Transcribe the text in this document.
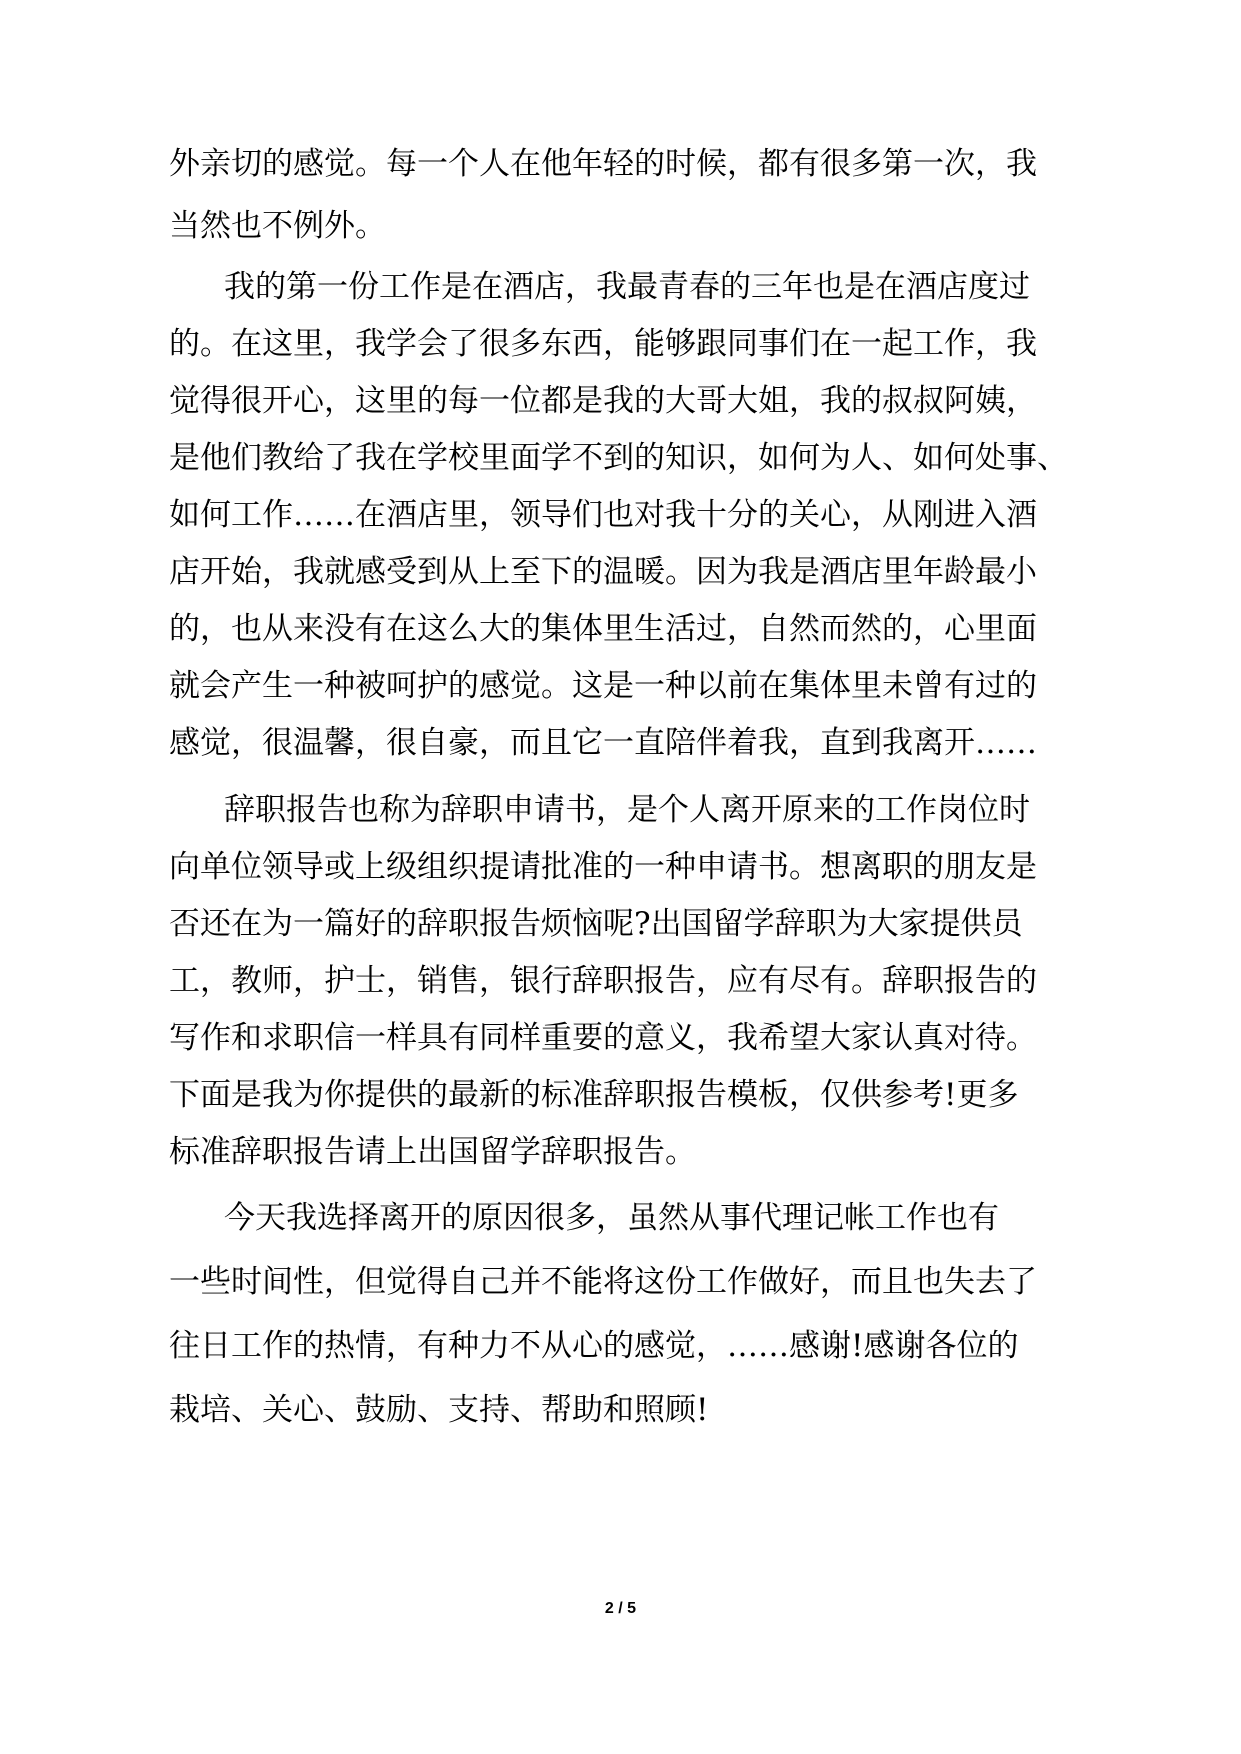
外亲切的感觉。每一个人在他年轻的时候，都有很多第一次，我
当然也不例外。
我的第一份工作是在酒店，我最青春的三年也是在酒店度过
的。在这里，我学会了很多东西，能够跟同事们在一起工作，我
觉得很开心，这里的每一位都是我的大哥大姐，我的叔叔阿姨，
是他们教给了我在学校里面学不到的知识，如何为人、如何处事、
如何工作……在酒店里，领导们也对我十分的关心，从刚进入酒
店开始，我就感受到从上至下的温暖。因为我是酒店里年龄最小
的，也从来没有在这么大的集体里生活过，自然而然的，心里面
就会产生一种被呵护的感觉。这是一种以前在集体里未曾有过的
感觉，很温馨，很自豪，而且它一直陪伴着我，直到我离开……
辞职报告也称为辞职申请书，是个人离开原来的工作岗位时
向单位领导或上级组织提请批准的一种申请书。想离职的朋友是
否还在为一篇好的辞职报告烦恼呢?出国留学辞职为大家提供员
工，教师，护士，销售，银行辞职报告，应有尽有。辞职报告的
写作和求职信一样具有同样重要的意义，我希望大家认真对待。
下面是我为你提供的最新的标准辞职报告模板，仅供参考!更多
标准辞职报告请上出国留学辞职报告。
今天我选择离开的原因很多，虽然从事代理记帐工作也有
一些时间性，但觉得自己并不能将这份工作做好，而且也失去了
往日工作的热情，有种力不从心的感觉，……感谢!感谢各位的
栽培、关心、鼓励、支持、帮助和照顾!
2 / 5
